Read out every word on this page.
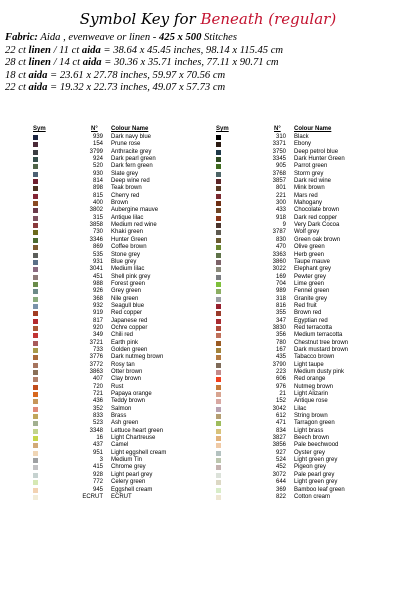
Symbol Key for Beneath (regular)
Fabric: Aida , evenweave or linen - 425 x 500 Stitches
22 ct linen / 11 ct aida = 38.64 x 45.45 inches, 98.14 x 115.45 cm
28 ct linen / 14 ct aida = 30.36 x 35.71 inches, 77.11 x 90.71 cm
18 ct aida = 23.61 x 27.78 inches, 59.97 x 70.56 cm
22 ct aida = 19.32 x 22.73 inches, 49.07 x 57.73 cm
Sym	N° Colour Name
939 Dark navy blue
154 Prune rose
3799 Anthracite grey
924 Dark pearl green
520 Dark fern green
930 Slate grey
814 Deep wine red
898 Teak brown
815 Cherry red
400 Brown
3802 Aubergine mauve
315 Antique lilac
3858 Medium red wine
730 Khaki green
3346 Hunter Green
869 Coffee brown
535 Stone grey
931 Blue grey
3041 Medium lilac
451 Shell pink grey
988 Forest green
926 Grey green
368 Nile green
932 Seagull blue
919 Red copper
817 Japanese red
920 Ochre copper
349 Chili red
3721 Earth pink
733 Golden green
3776 Dark nutmeg brown
3772 Rosy tan
3863 Otter brown
407 Clay brown
720 Rust
721 Papaya orange
436 Teddy brown
352 Salmon
833 Brass
523 Ash green
3348 Lettuce heart green
16 Light Chartreuse
437 Camel
951 Light eggshell cream
3 Medium Tin
415 Chrome grey
928 Light pearl grey
772 Celery green
945 Eggshell cream
ECRUT ECRUT
Sym	N° Colour Name
310 Black
3371 Ebony
3750 Deep petrol blue
3345 Dark Hunter Green
905 Parrot green
3768 Storm grey
3857 Dark red wine
801 Mink brown
221 Mars red
300 Mahogany
433 Chocolate brown
918 Dark red copper
9 Very Dark Cocoa
3787 Wolf grey
830 Green oak brown
470 Olive green
3363 Herb green
3860 Taupe mauve
3022 Elephant grey
169 Pewter grey
704 Lime green
989 Fennel green
318 Granite grey
816 Red fruit
355 Brown red
347 Egyptian red
3830 Red terracotta
356 Medium terracotta
780 Chestnut tree brown
167 Dark mustard brown
435 Tabacco brown
3790 Light taupe
223 Medium dusty pink
606 Red orange
976 Nutmeg brown
21 Light Alizarin
152 Antique rose
3042 Lilac
612 String brown
471 Tarragon green
834 Light brass
3827 Beech brown
3856 Pale beechwood
927 Oyster grey
524 Light green grey
452 Pigeon grey
3072 Pale pearl grey
644 Light green grey
369 Bamboo leaf green
822 Cotton cream
